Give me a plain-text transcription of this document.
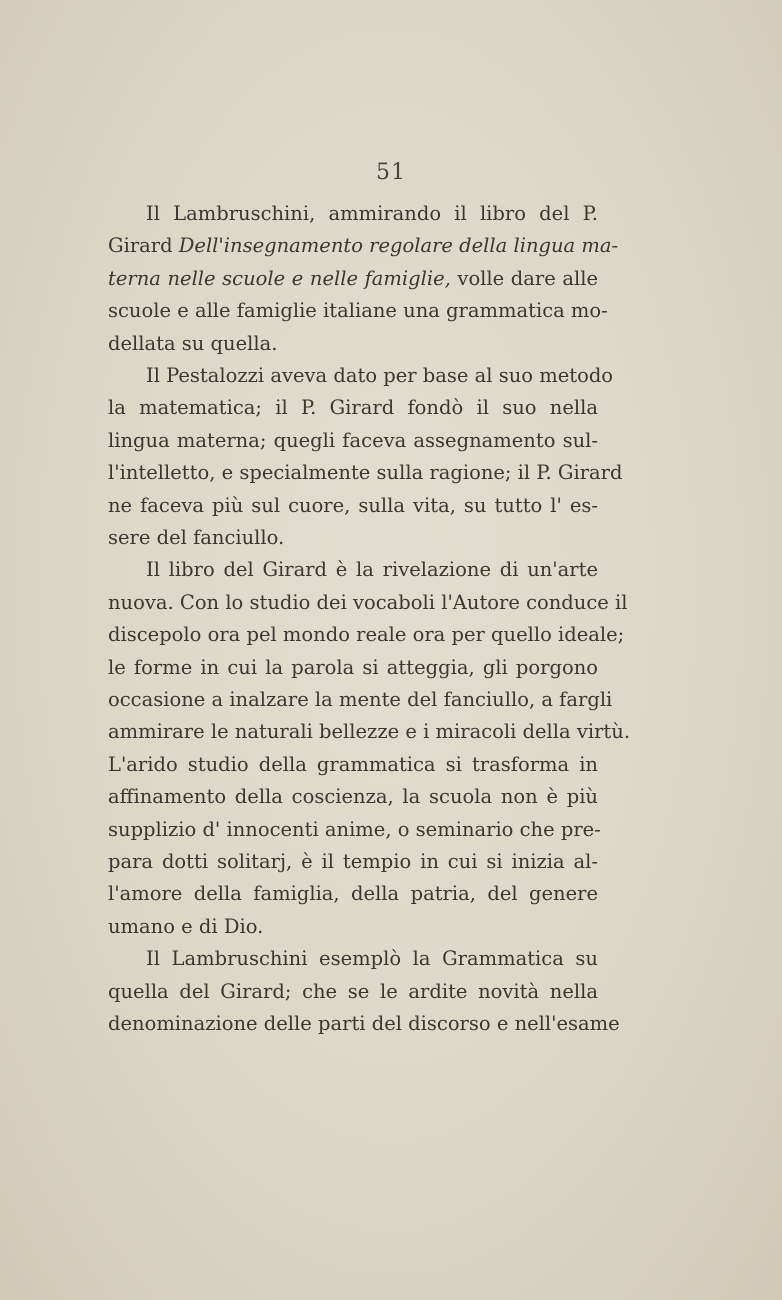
51
Il Lambruschini, ammirando il libro del P.
Girard Dell'insegnamento regolare della lingua ma-
terna nelle scuole e nelle famiglie, volle dare alle
scuole e alle famiglie italiane una grammatica mo-
dellata su quella.
Il Pestalozzi aveva dato per base al suo metodo
la matematica; il P. Girard fondò il suo nella
lingua materna; quegli faceva assegnamento sul-
l'intelletto, e specialmente sulla ragione; il P. Girard
ne faceva più sul cuore, sulla vita, su tutto l' es-
sere del fanciullo.
Il libro del Girard è la rivelazione di un'arte
nuova. Con lo studio dei vocaboli l'Autore conduce il
discepolo ora pel mondo reale ora per quello ideale;
le forme in cui la parola si atteggia, gli porgono
occasione a inalzare la mente del fanciullo, a fargli
ammirare le naturali bellezze e i miracoli della virtù.
L'arido studio della grammatica si trasforma in
affinamento della coscienza, la scuola non è più
supplizio d' innocenti anime, o seminario che pre-
para dotti solitarj, è il tempio in cui si inizia al-
l'amore della famiglia, della patria, del genere
umano e di Dio.
Il Lambruschini esemplò la Grammatica su
quella del Girard; che se le ardite novità nella
denominazione delle parti del discorso e nell'esame
